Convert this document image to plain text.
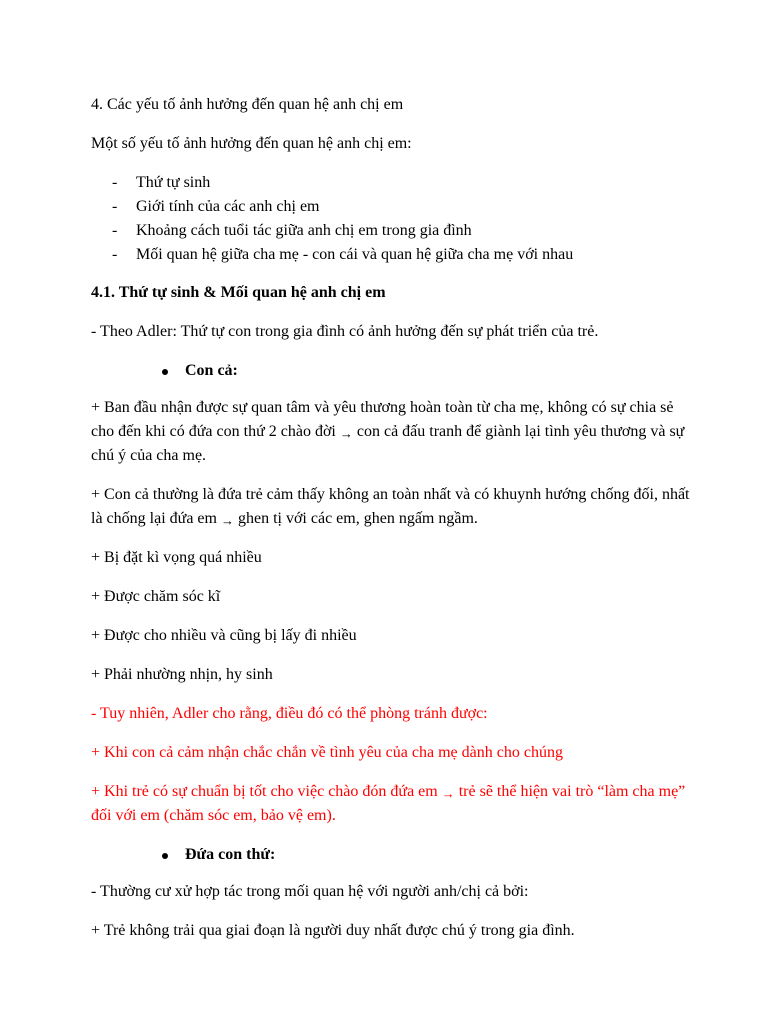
4. Các yếu tố ảnh hưởng đến quan hệ anh chị em

Một số yếu tố ảnh hưởng đến quan hệ anh chị em:

- Thứ tự sinh
- Giới tính của các anh chị em
- Khoảng cách tuổi tác giữa anh chị em trong gia đình
- Mối quan hệ giữa cha mẹ - con cái và quan hệ giữa cha mẹ với nhau

4.1. Thứ tự sinh & Mối quan hệ anh chị em

- Theo Adler: Thứ tự con trong gia đình có ảnh hưởng đến sự phát triển của trẻ.

Con cả:

+ Ban đầu nhận được sự quan tâm và yêu thương hoàn toàn từ cha mẹ, không có sự chia sẻ cho đến khi có đứa con thứ 2 chào đời → con cả đấu tranh để giành lại tình yêu thương và sự chú ý của cha mẹ.

+ Con cả thường là đứa trẻ cảm thấy không an toàn nhất và có khuynh hướng chống đối, nhất là chống lại đứa em → ghen tị với các em, ghen ngấm ngầm.

+ Bị đặt kì vọng quá nhiều

+ Được chăm sóc kĩ

+ Được cho nhiều và cũng bị lấy đi nhiều

+ Phải nhường nhịn, hy sinh

- Tuy nhiên, Adler cho rằng, điều đó có thể phòng tránh được:

+ Khi con cả cảm nhận chắc chắn về tình yêu của cha mẹ dành cho chúng

+ Khi trẻ có sự chuẩn bị tốt cho việc chào đón đứa em → trẻ sẽ thể hiện vai trò “làm cha mẹ” đối với em (chăm sóc em, bảo vệ em).

Đứa con thứ:

- Thường cư xử hợp tác trong mối quan hệ với người anh/chị cả bởi:

+ Trẻ không trải qua giai đoạn là người duy nhất được chú ý trong gia đình.
